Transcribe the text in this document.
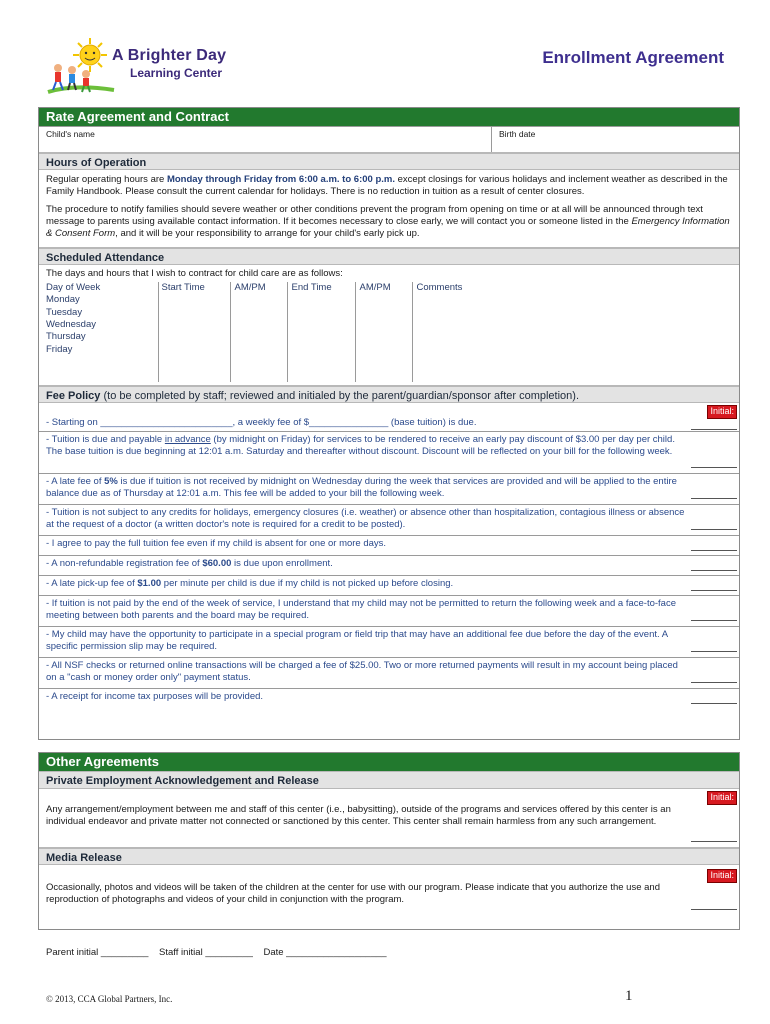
A Brighter Day
Learning Center
Enrollment Agreement
Rate Agreement and Contract
Child's name	Birth date
Hours of Operation
Regular operating hours are Monday through Friday from 6:00 a.m. to 6:00 p.m. except closings for various holidays and inclement weather as described in the Family Handbook. Please consult the current calendar for holidays. There is no reduction in tuition as a result of center closures.
The procedure to notify families should severe weather or other conditions prevent the program from opening on time or at all will be announced through text message to parents using available contact information. If it becomes necessary to close early, we will contact you or someone listed in the Emergency Information & Consent Form, and it will be your responsibility to arrange for your child's early pick up.
Scheduled Attendance
The days and hours that I wish to contract for child care are as follows:
Day of Week	Start Time	AM/PM	End Time	AM/PM	Comments
Monday					
Tuesday					
Wednesday					
Thursday					
Friday					

Fee Policy (to be completed by staff; reviewed and initialed by the parent/guardian/sponsor after completion).
Initial:
- Starting on _________________________, a weekly fee of $_______________ (base tuition) is due.
- Tuition is due and payable in advance (by midnight on Friday) for services to be rendered to receive an early pay discount of $3.00 per day per child. The base tuition is due beginning at 12:01 a.m. Saturday and thereafter without discount. Discount will be reflected on your bill for the following week.
- A late fee of 5% is due if tuition is not received by midnight on Wednesday during the week that services are provided and will be applied to the entire balance due as of Thursday at 12:01 a.m. This fee will be added to your bill the following week.
- Tuition is not subject to any credits for holidays, emergency closures (i.e. weather) or absence other than hospitalization, contagious illness or absence at the request of a doctor (a written doctor's note is required for a credit to be posted).
- I agree to pay the full tuition fee even if my child is absent for one or more days.
- A non-refundable registration fee of $60.00 is due upon enrollment.
- A late pick-up fee of $1.00 per minute per child is due if my child is not picked up before closing.
- If tuition is not paid by the end of the week of service, I understand that my child may not be permitted to return the following week and a face-to-face meeting between both parents and the board may be required.
- My child may have the opportunity to participate in a special program or field trip that may have an additional fee due before the day of the event. A specific permission slip may be required.
- All NSF checks or returned online transactions will be charged a fee of $25.00. Two or more returned payments will result in my account being placed on a "cash or money order only" payment status.
- A receipt for income tax purposes will be provided.
Other Agreements
Private Employment Acknowledgement and Release
Initial:
Any arrangement/employment between me and staff of this center (i.e., babysitting), outside of the programs and services offered by this center is an individual endeavor and private matter not connected or sanctioned by this center. This center shall remain harmless from any such arrangement.
Media Release
Initial:
Occasionally, photos and videos will be taken of the children at the center for use with our program. Please indicate that you authorize the use and reproduction of photographs and videos of your child in conjunction with the program.
Parent initial _________ Staff initial _________ Date ___________________
© 2013, CCA Global Partners, Inc.	1
